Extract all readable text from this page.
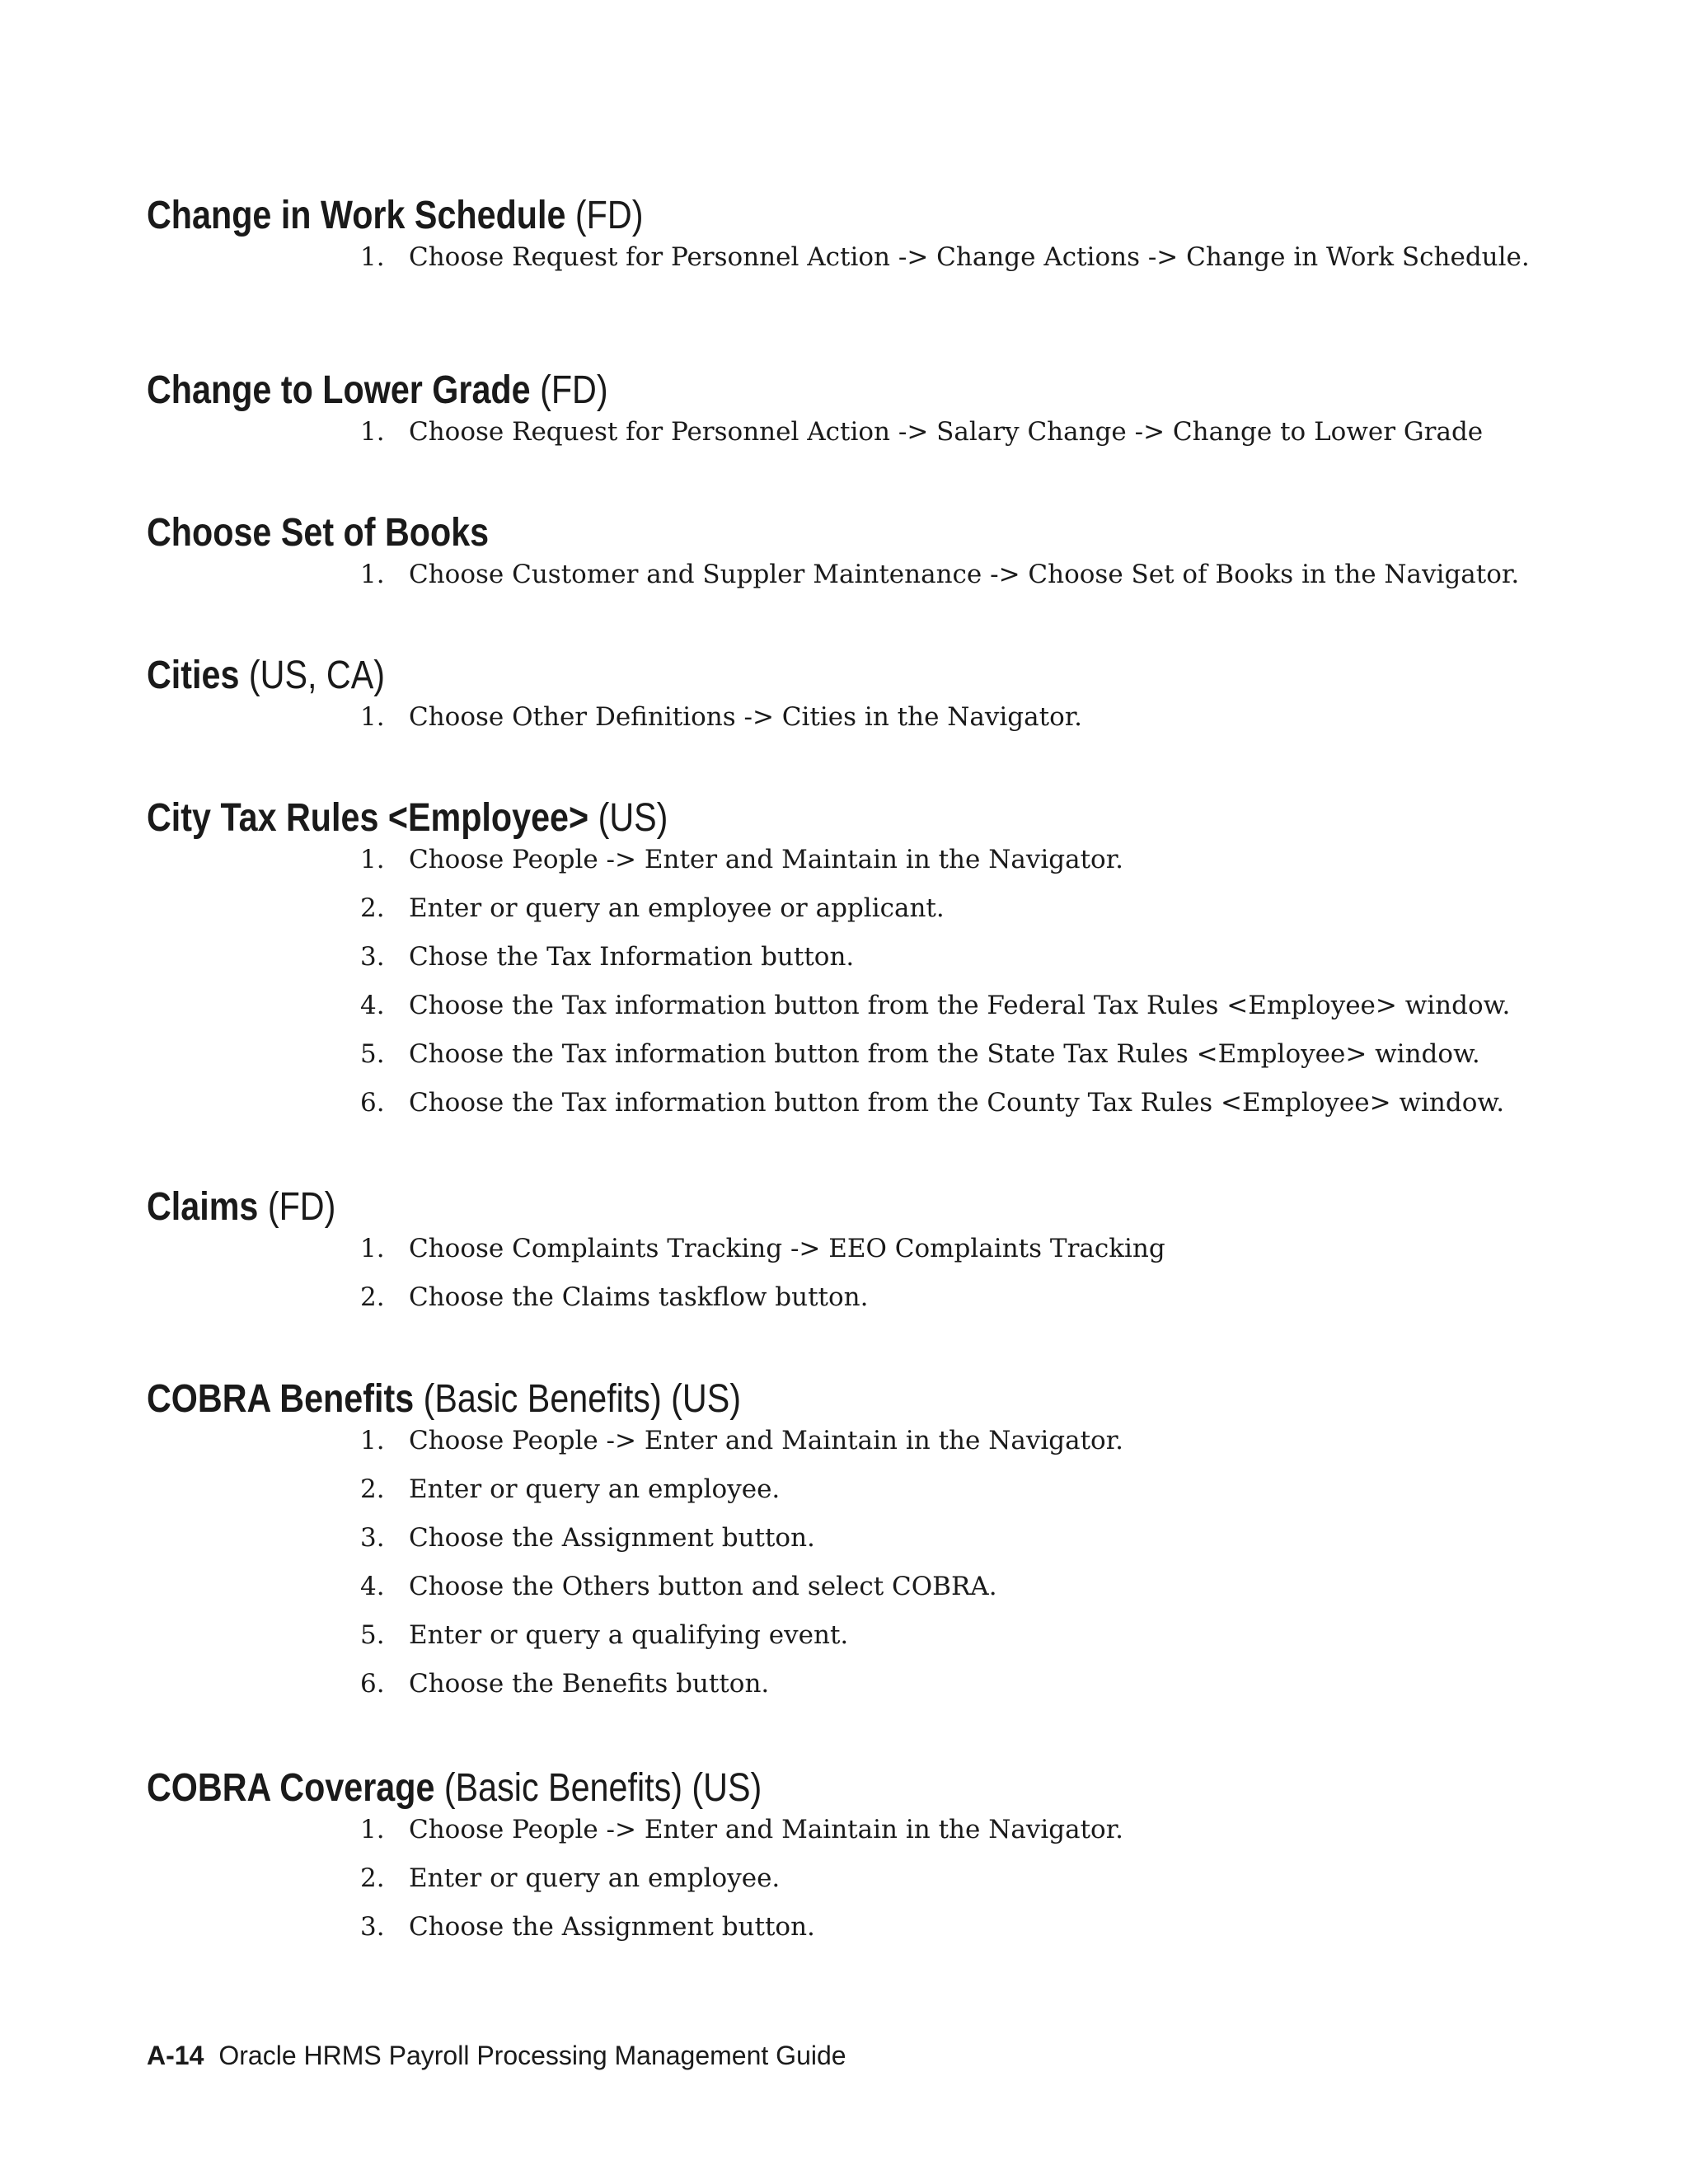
Change in Work Schedule (FD)
1. Choose Request for Personnel Action -> Change Actions -> Change in Work Schedule.
Change to Lower Grade (FD)
1. Choose Request for Personnel Action -> Salary Change -> Change to Lower Grade
Choose Set of Books
1. Choose Customer and Suppler Maintenance -> Choose Set of Books in the Navigator.
Cities (US, CA)
1. Choose Other Definitions -> Cities in the Navigator.
City Tax Rules <Employee> (US)
1. Choose People -> Enter and Maintain in the Navigator.
2. Enter or query an employee or applicant.
3. Chose the Tax Information button.
4. Choose the Tax information button from the Federal Tax Rules <Employee> window.
5. Choose the Tax information button from the State Tax Rules <Employee> window.
6. Choose the Tax information button from the County Tax Rules <Employee> window.
Claims (FD)
1. Choose Complaints Tracking -> EEO Complaints Tracking
2. Choose the Claims taskflow button.
COBRA Benefits (Basic Benefits) (US)
1. Choose People -> Enter and Maintain in the Navigator.
2. Enter or query an employee.
3. Choose the Assignment button.
4. Choose the Others button and select COBRA.
5. Enter or query a qualifying event.
6. Choose the Benefits button.
COBRA Coverage (Basic Benefits) (US)
1. Choose People -> Enter and Maintain in the Navigator.
2. Enter or query an employee.
3. Choose the Assignment button.
A-14 Oracle HRMS Payroll Processing Management Guide
